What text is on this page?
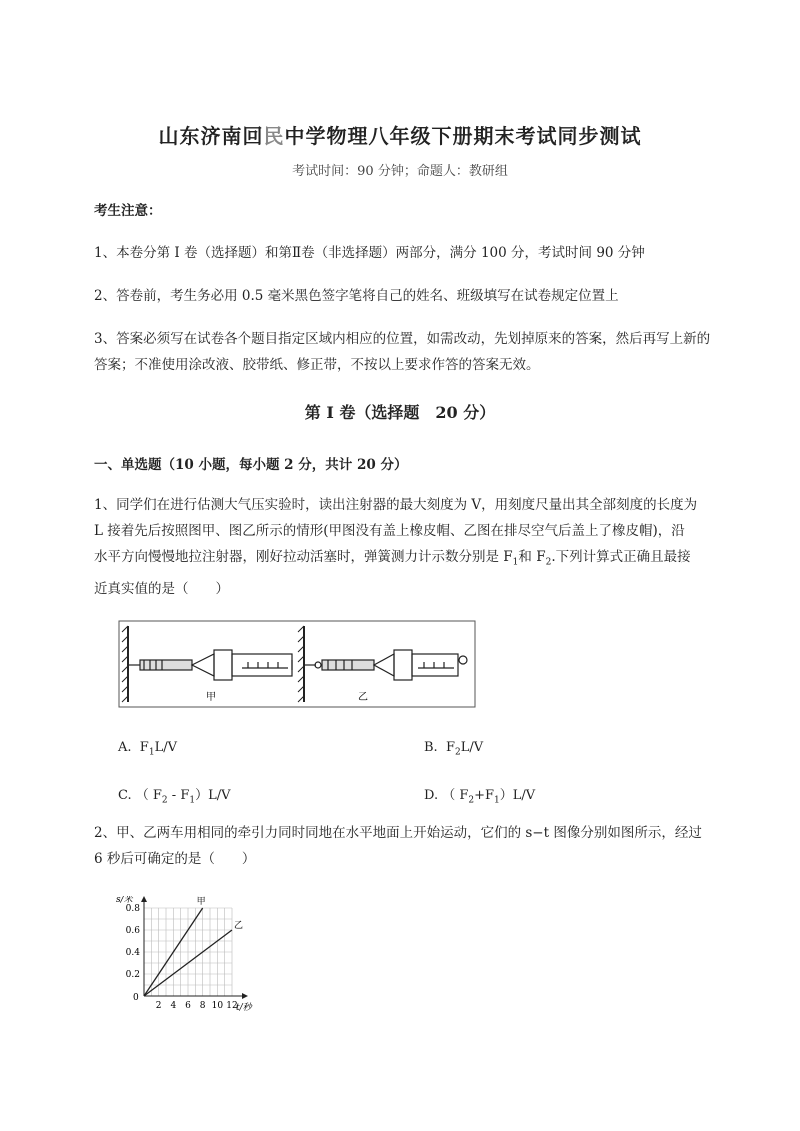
山东济南回民中学物理八年级下册期末考试同步测试
考试时间：90 分钟；命题人：教研组
考生注意：
1、本卷分第 I 卷（选择题）和第Ⅱ卷（非选择题）两部分，满分 100 分，考试时间 90 分钟
2、答卷前，考生务必用 0.5 毫米黑色签字笔将自己的姓名、班级填写在试卷规定位置上
3、答案必须写在试卷各个题目指定区域内相应的位置，如需改动，先划掉原来的答案，然后再写上新的答案；不准使用涂改液、胶带纸、修正带，不按以上要求作答的答案无效。
第 I 卷（选择题　20 分）
一、单选题（10 小题，每小题 2 分，共计 20 分）
1、同学们在进行估测大气压实验时，读出注射器的最大刻度为 V，用刻度尺量出其全部刻度的长度为
L 接着先后按照图甲、图乙所示的情形(甲图没有盖上橡皮帽、乙图在排尽空气后盖上了橡皮帽)，沿
水平方向慢慢地拉注射器，刚好拉动活塞时，弹簧测力计示数分别是 $F_1$和 $F_2$.下列计算式正确且最接
近真实值的是（　　）
甲	乙
A. $F_1L/V$	B. $F_2L/V$
C. （ $F_2 - F_1)L/V$	D. （ $F_2+F_1)L/V$
2、甲、乙两车用相同的牵引力同时同地在水平地面上开始运动，它们的 s−t 图像分别如图所示，经过
6 秒后可确定的是（　　）
s/米
t/秒
0
2 4 6 8 10 12
0.2
0.4
0.6
0.8
甲
乙
